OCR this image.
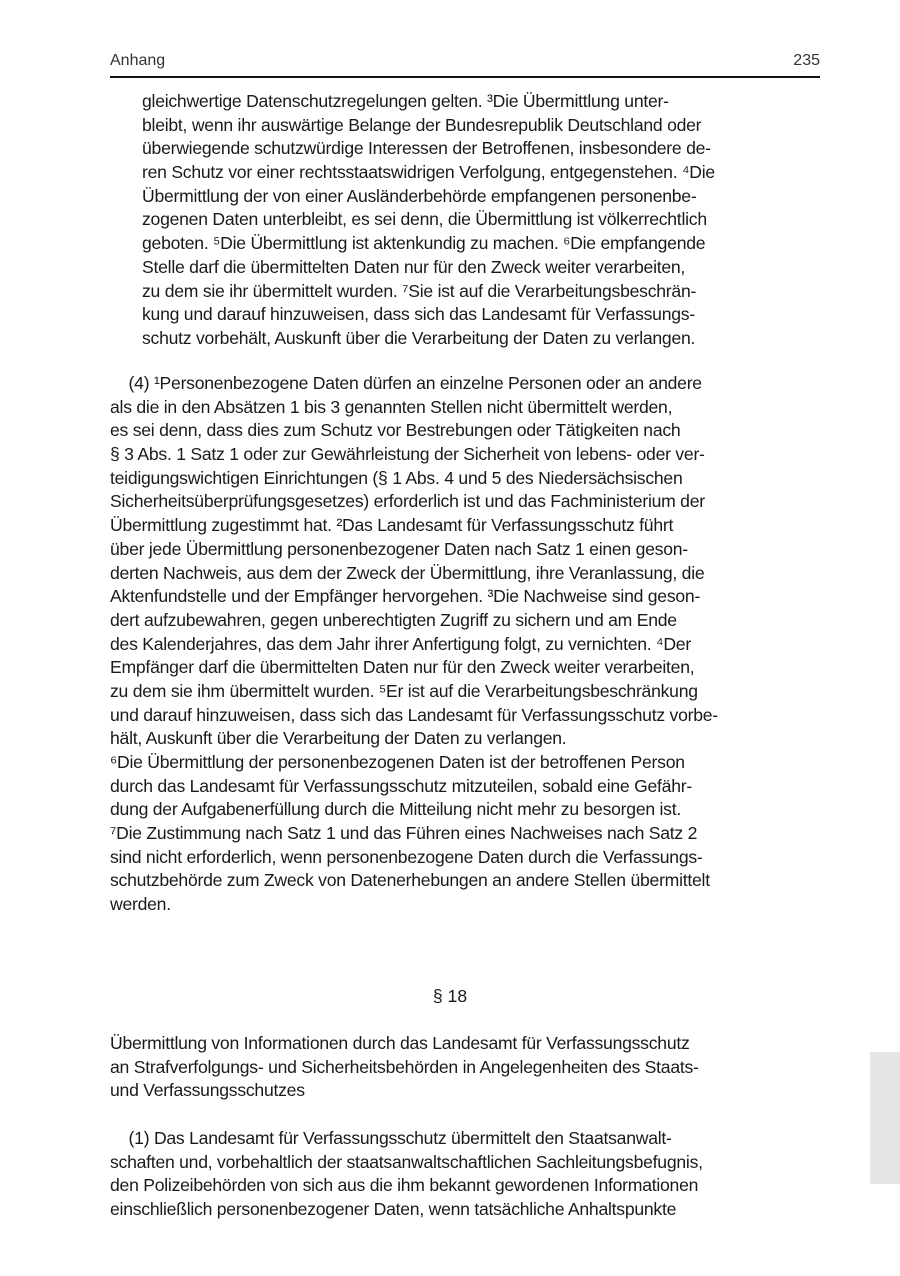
Anhang	235
gleichwertige Datenschutzregelungen gelten. ³Die Übermittlung unter-
bleibt, wenn ihr auswärtige Belange der Bundesrepublik Deutschland oder
überwiegende schutzwürdige Interessen der Betroffenen, insbesondere de-
ren Schutz vor einer rechtsstaatswidrigen Verfolgung, entgegenstehen. ⁴Die
Übermittlung der von einer Ausländerbehörde empfangenen personenbe-
zogenen Daten unterbleibt, es sei denn, die Übermittlung ist völkerrechtlich
geboten. ⁵Die Übermittlung ist aktenkundig zu machen. ⁶Die empfangende
Stelle darf die übermittelten Daten nur für den Zweck weiter verarbeiten,
zu dem sie ihr übermittelt wurden. ⁷Sie ist auf die Verarbeitungsbeschrän-
kung und darauf hinzuweisen, dass sich das Landesamt für Verfassungs-
schutz vorbehält, Auskunft über die Verarbeitung der Daten zu verlangen.
(4) ¹Personenbezogene Daten dürfen an einzelne Personen oder an andere
als die in den Absätzen 1 bis 3 genannten Stellen nicht übermittelt werden,
es sei denn, dass dies zum Schutz vor Bestrebungen oder Tätigkeiten nach
§ 3 Abs. 1 Satz 1 oder zur Gewährleistung der Sicherheit von lebens- oder ver-
teidigungswichtigen Einrichtungen (§ 1 Abs. 4 und 5 des Niedersächsischen
Sicherheitsüberprüfungsgesetzes) erforderlich ist und das Fachministerium der
Übermittlung zugestimmt hat. ²Das Landesamt für Verfassungsschutz führt
über jede Übermittlung personenbezogener Daten nach Satz 1 einen geson-
derten Nachweis, aus dem der Zweck der Übermittlung, ihre Veranlassung, die
Aktenfundstelle und der Empfänger hervorgehen. ³Die Nachweise sind geson-
dert aufzubewahren, gegen unberechtigten Zugriff zu sichern und am Ende
des Kalenderjahres, das dem Jahr ihrer Anfertigung folgt, zu vernichten. ⁴Der
Empfänger darf die übermittelten Daten nur für den Zweck weiter verarbeiten,
zu dem sie ihm übermittelt wurden. ⁵Er ist auf die Verarbeitungsbeschränkung
und darauf hinzuweisen, dass sich das Landesamt für Verfassungsschutz vorbe-
hält, Auskunft über die Verarbeitung der Daten zu verlangen.
⁶Die Übermittlung der personenbezogenen Daten ist der betroffenen Person
durch das Landesamt für Verfassungsschutz mitzuteilen, sobald eine Gefähr-
dung der Aufgabenerfüllung durch die Mitteilung nicht mehr zu besorgen ist.
⁷Die Zustimmung nach Satz 1 und das Führen eines Nachweises nach Satz 2
sind nicht erforderlich, wenn personenbezogene Daten durch die Verfassungs-
schutzbehörde zum Zweck von Datenerhebungen an andere Stellen übermittelt
werden.
§ 18
Übermittlung von Informationen durch das Landesamt für Verfassungsschutz
an Strafverfolgungs- und Sicherheitsbehörden in Angelegenheiten des Staats-
und Verfassungsschutzes
(1) Das Landesamt für Verfassungsschutz übermittelt den Staatsanwalt-
schaften und, vorbehaltlich der staatsanwaltschaftlichen Sachleitungsbefugnis,
den Polizeibehörden von sich aus die ihm bekannt gewordenen Informationen
einschließlich personenbezogener Daten, wenn tatsächliche Anhaltspunkte
